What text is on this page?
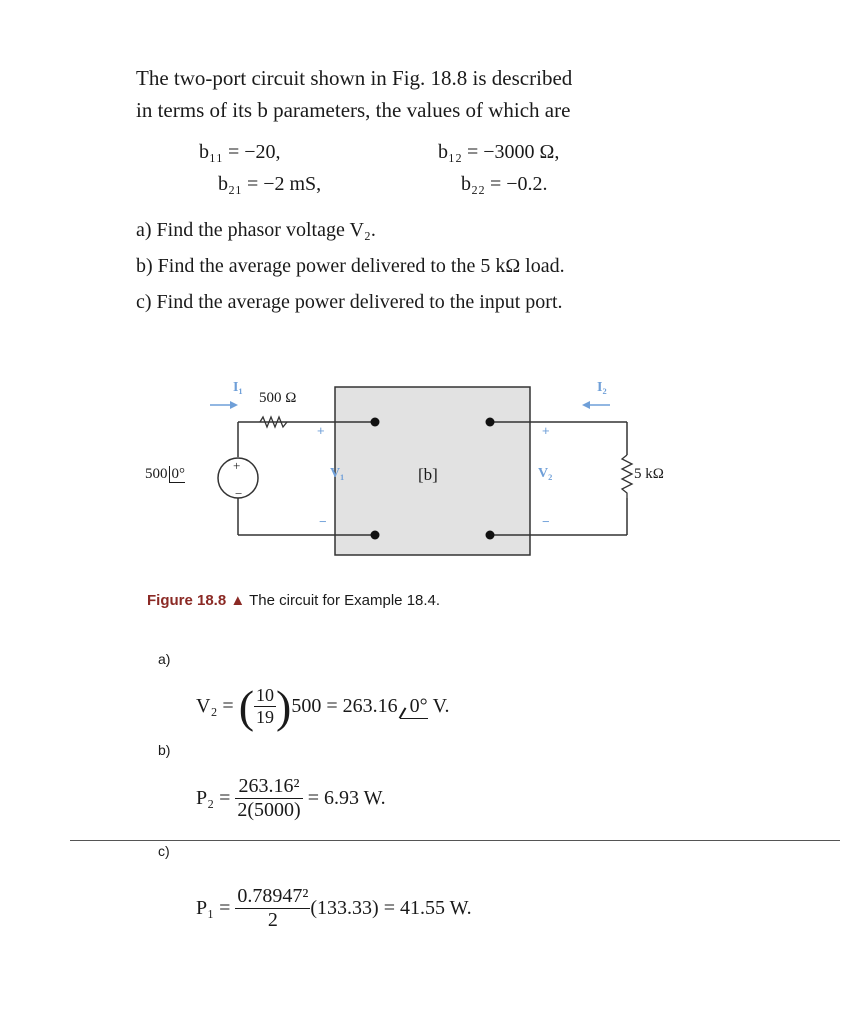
The two-port circuit shown in Fig. 18.8 is described
in terms of its b parameters, the values of which are
b₁₁ = −20,	b₁₂ = −3000 Ω,
b₂₁ = −2 mS,	b₂₂ = −0.2.
a) Find the phasor voltage V₂.
b) Find the average power delivered to the 5 kΩ load.
c) Find the average power delivered to the input port.
I₁
500 Ω
I₂
500 0°
+
−
+
V₁
−
[b]
+
V₂
−
5 kΩ
Figure 18.8 ▲ The circuit for Example 18.4.
a)
V₂ = ( $\frac{10}{19} )500 = 263.16$ 0° V.
b)
$P_2 = \frac{\text{263.16²}}{2(5000)} = 6.93$ W.
c)
$P_1 = \frac{\text{0.78947²}}{2} (133.33) = 41.55$ W.
